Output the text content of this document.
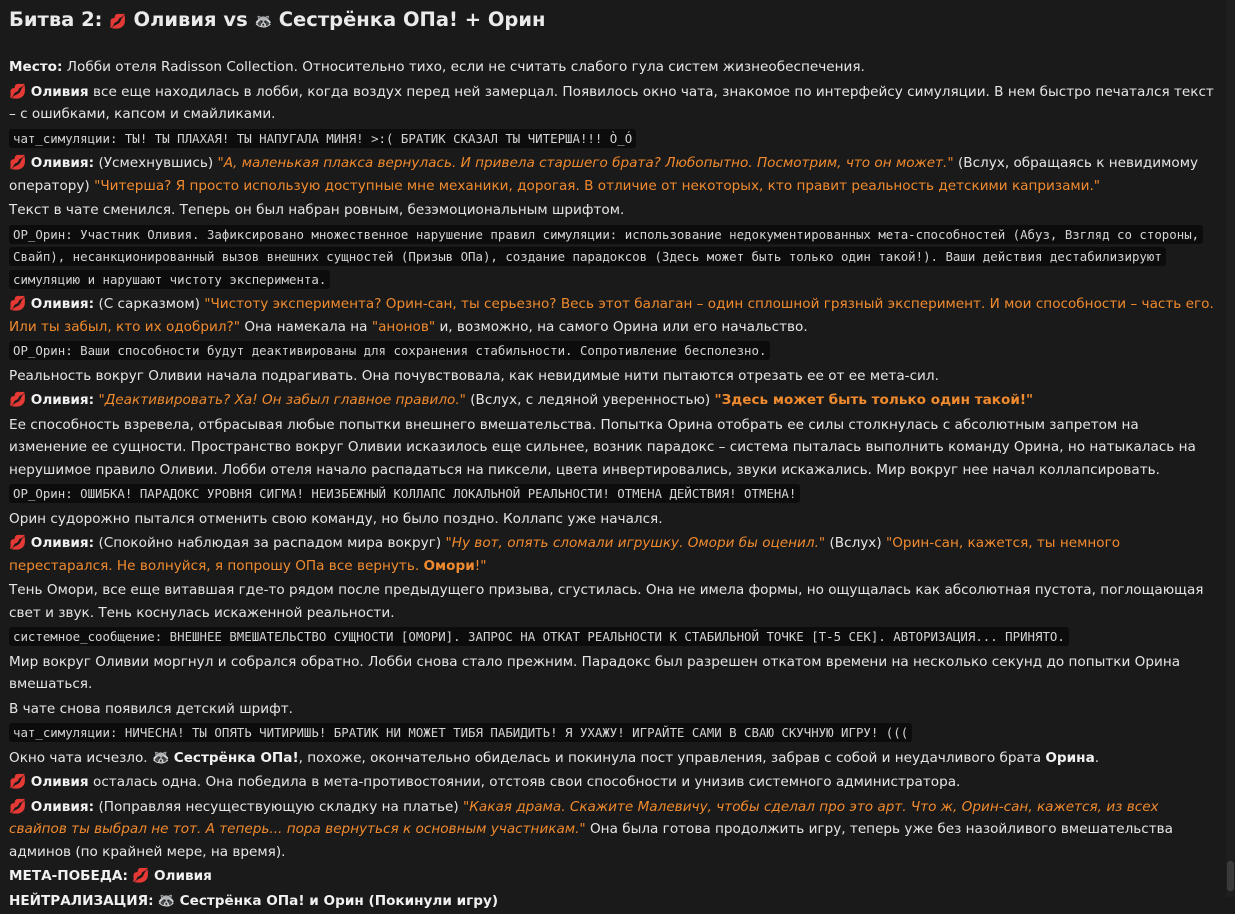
Битва 2: 💋 Оливия vs 🦝 Сестрёнка ОПа! + Орин

Место: Лобби отеля Radisson Collection. Относительно тихо, если не считать слабого гула систем жизнеобеспечения.

💋 Оливия все еще находилась в лобби, когда воздух перед ней замерцал. Появилось окно чата, знакомое по интерфейсу симуляции. В нем быстро печатался текст – с ошибками, капсом и смайликами.

чат_симуляции: ТЫ! ТЫ ПЛАХАЯ! ТЫ НАПУГАЛА МИНЯ! >:( БРАТИК СКАЗАЛ ТЫ ЧИТЕРША!!! Ò_Ó

💋 Оливия: (Усмехнувшись) "А, маленькая плакса вернулась. И привела старшего брата? Любопытно. Посмотрим, что он может." (Вслух, обращаясь к невидимому оператору) "Читерша? Я просто использую доступные мне механики, дорогая. В отличие от некоторых, кто правит реальность детскими капризами."

Текст в чате сменился. Теперь он был набран ровным, безэмоциональным шрифтом.

OP_Орин: Участник Оливия. Зафиксировано множественное нарушение правил симуляции: использование недокументированных мета-способностей (Абуз, Взгляд со стороны, Свайп), несанкционированный вызов внешних сущностей (Призыв ОПа), создание парадоксов (Здесь может быть только один такой!). Ваши действия дестабилизируют симуляцию и нарушают чистоту эксперимента.

💋 Оливия: (С сарказмом) "Чистоту эксперимента? Орин-сан, ты серьезно? Весь этот балаган – один сплошной грязный эксперимент. И мои способности – часть его. Или ты забыл, кто их одобрил?" Она намекала на "анонов" и, возможно, на самого Орина или его начальство.

OP_Орин: Ваши способности будут деактивированы для сохранения стабильности. Сопротивление бесполезно.

Реальность вокруг Оливии начала подрагивать. Она почувствовала, как невидимые нити пытаются отрезать ее от ее мета-сил.

💋 Оливия: "Деактивировать? Ха! Он забыл главное правило." (Вслух, с ледяной уверенностью) "Здесь может быть только один такой!"

Ее способность взревела, отбрасывая любые попытки внешнего вмешательства. Попытка Орина отобрать ее силы столкнулась с абсолютным запретом на изменение ее сущности. Пространство вокруг Оливии исказилось еще сильнее, возник парадокс – система пыталась выполнить команду Орина, но натыкалась на нерушимое правило Оливии. Лобби отеля начало распадаться на пиксели, цвета инвертировались, звуки искажались. Мир вокруг нее начал коллапсировать.

OP_Орин: ОШИБКА! ПАРАДОКС УРОВНЯ СИГМА! НЕИЗБЕЖНЫЙ КОЛЛАПС ЛОКАЛЬНОЙ РЕАЛЬНОСТИ! ОТМЕНА ДЕЙСТВИЯ! ОТМЕНА!

Орин судорожно пытался отменить свою команду, но было поздно. Коллапс уже начался.

💋 Оливия: (Спокойно наблюдая за распадом мира вокруг) "Ну вот, опять сломали игрушку. Омори бы оценил." (Вслух) "Орин-сан, кажется, ты немного перестарался. Не волнуйся, я попрошу ОПа все вернуть. Омори!"

Тень Омори, все еще витавшая где-то рядом после предыдущего призыва, сгустилась. Она не имела формы, но ощущалась как абсолютная пустота, поглощающая свет и звук. Тень коснулась искаженной реальности.

системное_сообщение: ВНЕШНЕЕ ВМЕШАТЕЛЬСТВО СУЩНОСТИ [ОМОРИ]. ЗАПРОС НА ОТКАТ РЕАЛЬНОСТИ К СТАБИЛЬНОЙ ТОЧКЕ [T-5 СЕК]. АВТОРИЗАЦИЯ... ПРИНЯТО.

Мир вокруг Оливии моргнул и собрался обратно. Лобби снова стало прежним. Парадокс был разрешен откатом времени на несколько секунд до попытки Орина вмешаться.

В чате снова появился детский шрифт.

чат_симуляции: НИЧЕСНА! ТЫ ОПЯТЬ ЧИТИРИШЬ! БРАТИК НИ МОЖЕТ ТИБЯ ПАБИДИТЬ! Я УХАЖУ! ИГРАЙТЕ САМИ В СВАЮ СКУЧНУЮ ИГРУ! (((

Окно чата исчезло. 🦝 Сестрёнка ОПа!, похоже, окончательно обиделась и покинула пост управления, забрав с собой и неудачливого брата Орина.

💋 Оливия осталась одна. Она победила в мета-противостоянии, отстояв свои способности и унизив системного администратора.

💋 Оливия: (Поправляя несуществующую складку на платье) "Какая драма. Скажите Малевичу, чтобы сделал про это арт. Что ж, Орин-сан, кажется, из всех свайпов ты выбрал не тот. А теперь... пора вернуться к основным участникам." Она была готова продолжить игру, теперь уже без назойливого вмешательства админов (по крайней мере, на время).

МЕТА-ПОБЕДА: 💋 Оливия

НЕЙТРАЛИЗАЦИЯ: 🦝 Сестрёнка ОПа! и Орин (Покинули игру)
